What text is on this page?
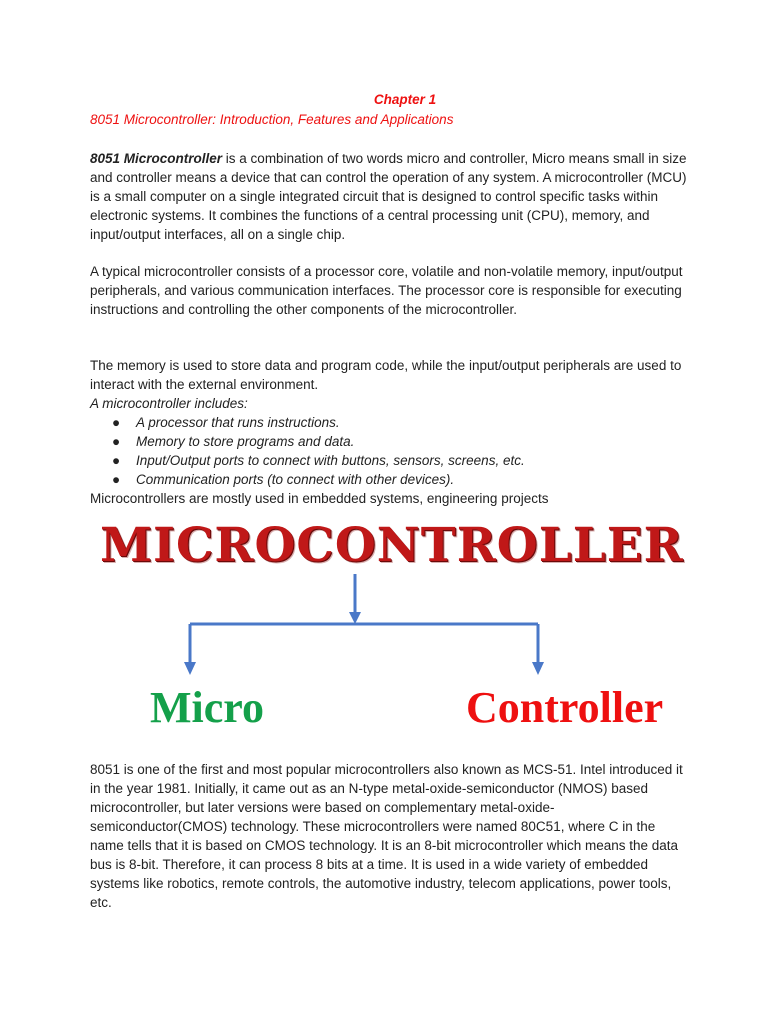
Chapter 1
8051 Microcontroller: Introduction, Features and Applications
8051 Microcontroller is a combination of two words micro and controller, Micro means small in size and controller means a device that can control the operation of any system. A microcontroller (MCU) is a small computer on a single integrated circuit that is designed to control specific tasks within electronic systems. It combines the functions of a central processing unit (CPU), memory, and input/output interfaces, all on a single chip.
A typical microcontroller consists of a processor core, volatile and non-volatile memory, input/output peripherals, and various communication interfaces. The processor core is responsible for executing instructions and controlling the other components of the microcontroller.
The memory is used to store data and program code, while the input/output peripherals are used to interact with the external environment.
A microcontroller includes:
● A processor that runs instructions.
● Memory to store programs and data.
● Input/Output ports to connect with buttons, sensors, screens, etc.
● Communication ports (to connect with other devices).
Microcontrollers are mostly used in embedded systems, engineering projects
MICROCONTROLLER
Micro	Controller
8051 is one of the first and most popular microcontrollers also known as MCS-51. Intel introduced it in the year 1981. Initially, it came out as an N-type metal-oxide-semiconductor (NMOS) based microcontroller, but later versions were based on complementary metal-oxide-semiconductor(CMOS) technology. These microcontrollers were named 80C51, where C in the name tells that it is based on CMOS technology. It is an 8-bit microcontroller which means the data bus is 8-bit. Therefore, it can process 8 bits at a time. It is used in a wide variety of embedded systems like robotics, remote controls, the automotive industry, telecom applications, power tools, etc.
